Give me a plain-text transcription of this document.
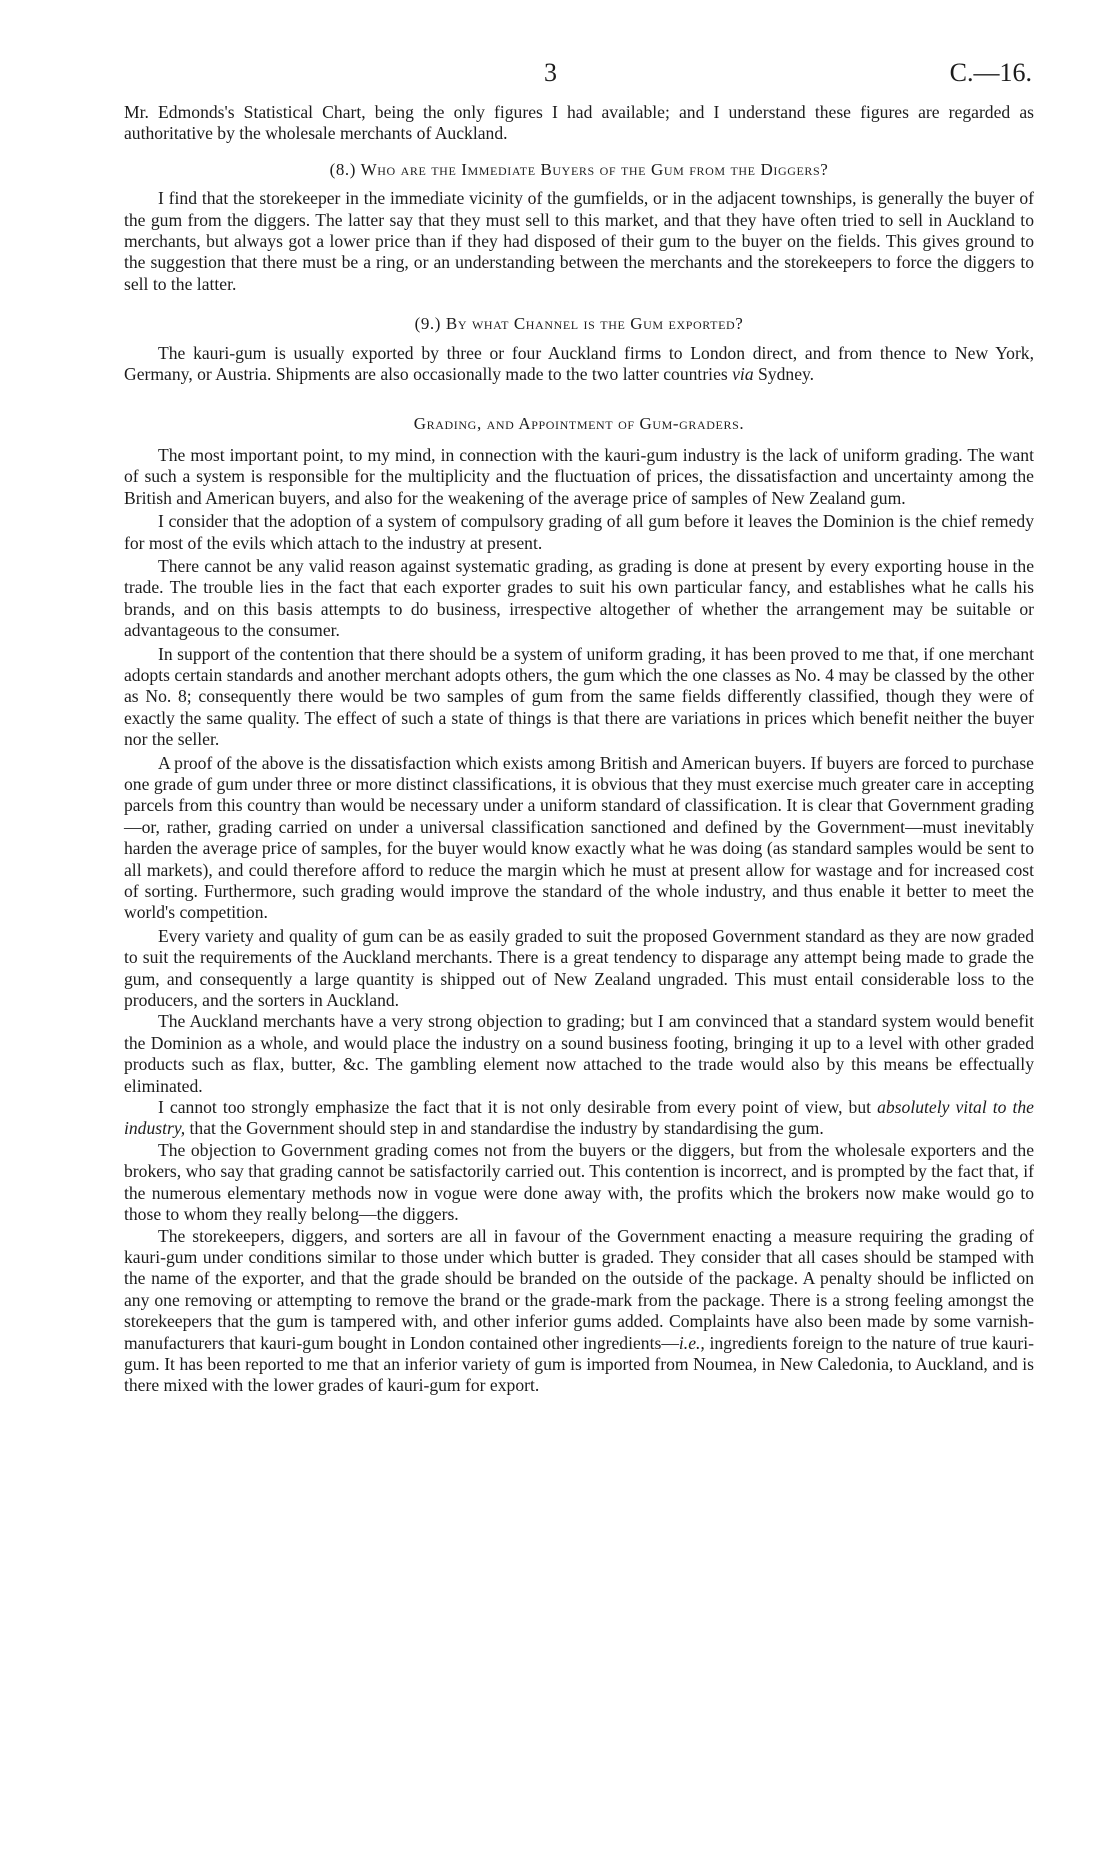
3	C.—16.

Mr. Edmonds's Statistical Chart, being the only figures I had available; and I understand these figures are regarded as authoritative by the wholesale merchants of Auckland.

(8.) Who are the Immediate Buyers of the Gum from the Diggers?

I find that the storekeeper in the immediate vicinity of the gumfields, or in the adjacent townships, is generally the buyer of the gum from the diggers. The latter say that they must sell to this market, and that they have often tried to sell in Auckland to merchants, but always got a lower price than if they had disposed of their gum to the buyer on the fields. This gives ground to the suggestion that there must be a ring, or an understanding between the merchants and the storekeepers to force the diggers to sell to the latter.

(9.) By what Channel is the Gum exported?

The kauri-gum is usually exported by three or four Auckland firms to London direct, and from thence to New York, Germany, or Austria. Shipments are also occasionally made to the two latter countries via Sydney.

Grading, and Appointment of Gum-graders.

The most important point, to my mind, in connection with the kauri-gum industry is the lack of uniform grading. The want of such a system is responsible for the multiplicity and the fluctuation of prices, the dissatisfaction and uncertainty among the British and American buyers, and also for the weakening of the average price of samples of New Zealand gum.

I consider that the adoption of a system of compulsory grading of all gum before it leaves the Dominion is the chief remedy for most of the evils which attach to the industry at present.

There cannot be any valid reason against systematic grading, as grading is done at present by every exporting house in the trade. The trouble lies in the fact that each exporter grades to suit his own particular fancy, and establishes what he calls his brands, and on this basis attempts to do business, irrespective altogether of whether the arrangement may be suitable or advantageous to the consumer.

In support of the contention that there should be a system of uniform grading, it has been proved to me that, if one merchant adopts certain standards and another merchant adopts others, the gum which the one classes as No. 4 may be classed by the other as No. 8; consequently there would be two samples of gum from the same fields differently classified, though they were of exactly the same quality. The effect of such a state of things is that there are variations in prices which benefit neither the buyer nor the seller.

A proof of the above is the dissatisfaction which exists among British and American buyers. If buyers are forced to purchase one grade of gum under three or more distinct classifications, it is obvious that they must exercise much greater care in accepting parcels from this country than would be necessary under a uniform standard of classification. It is clear that Government grading—or, rather, grading carried on under a universal classification sanctioned and defined by the Government—must inevitably harden the average price of samples, for the buyer would know exactly what he was doing (as standard samples would be sent to all markets), and could therefore afford to reduce the margin which he must at present allow for wastage and for increased cost of sorting. Furthermore, such grading would improve the standard of the whole industry, and thus enable it better to meet the world's competition.

Every variety and quality of gum can be as easily graded to suit the proposed Government standard as they are now graded to suit the requirements of the Auckland merchants. There is a great tendency to disparage any attempt being made to grade the gum, and consequently a large quantity is shipped out of New Zealand ungraded. This must entail considerable loss to the producers, and the sorters in Auckland.

The Auckland merchants have a very strong objection to grading; but I am convinced that a standard system would benefit the Dominion as a whole, and would place the industry on a sound business footing, bringing it up to a level with other graded products such as flax, butter, &c. The gambling element now attached to the trade would also by this means be effectually eliminated.

I cannot too strongly emphasize the fact that it is not only desirable from every point of view, but absolutely vital to the industry, that the Government should step in and standardise the industry by standardising the gum.

The objection to Government grading comes not from the buyers or the diggers, but from the wholesale exporters and the brokers, who say that grading cannot be satisfactorily carried out. This contention is incorrect, and is prompted by the fact that, if the numerous elementary methods now in vogue were done away with, the profits which the brokers now make would go to those to whom they really belong—the diggers.

The storekeepers, diggers, and sorters are all in favour of the Government enacting a measure requiring the grading of kauri-gum under conditions similar to those under which butter is graded. They consider that all cases should be stamped with the name of the exporter, and that the grade should be branded on the outside of the package. A penalty should be inflicted on any one removing or attempting to remove the brand or the grade-mark from the package. There is a strong feeling amongst the storekeepers that the gum is tampered with, and other inferior gums added. Complaints have also been made by some varnish-manufacturers that kauri-gum bought in London contained other ingredients—i.e., ingredients foreign to the nature of true kauri-gum. It has been reported to me that an inferior variety of gum is imported from Noumea, in New Caledonia, to Auckland, and is there mixed with the lower grades of kauri-gum for export.
